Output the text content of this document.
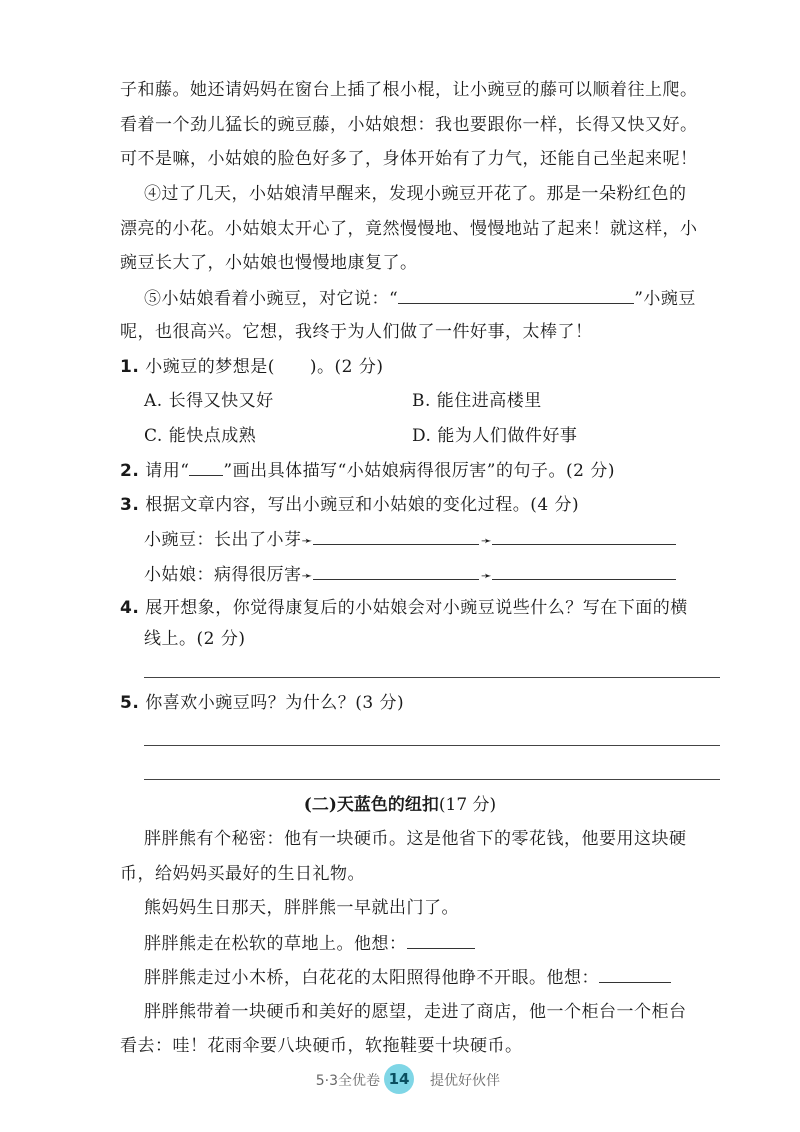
子和藤。她还请妈妈在窗台上插了根小棍，让小豌豆的藤可以顺着往上爬。
看着一个劲儿猛长的豌豆藤，小姑娘想：我也要跟你一样，长得又快又好。
可不是嘛，小姑娘的脸色好多了，身体开始有了力气，还能自己坐起来呢！
④过了几天，小姑娘清早醒来，发现小豌豆开花了。那是一朵粉红色的
漂亮的小花。小姑娘太开心了，竟然慢慢地、慢慢地站了起来！就这样，小
豌豆长大了，小姑娘也慢慢地康复了。
⑤小姑娘看着小豌豆，对它说：“	”小豌豆
呢，也很高兴。它想，我终于为人们做了一件好事，太棒了！
1. 小豌豆的梦想是(　　)。(2 分)
A. 长得又快又好	B. 能住进高楼里
C. 能快点成熟	D. 能为人们做件好事
2. 请用“ ”画出具体描写“小姑娘病得很厉害”的句子。(2 分)
3. 根据文章内容，写出小豌豆和小姑娘的变化过程。(4 分)
小豌豆：长出了小芽➛	➛
小姑娘：病得很厉害➛	➛
4. 展开想象，你觉得康复后的小姑娘会对小豌豆说些什么？写在下面的横
线上。(2 分)
5. 你喜欢小豌豆吗？为什么？(3 分)
(二)天蓝色的纽扣(17 分)
胖胖熊有个秘密：他有一块硬币。这是他省下的零花钱，他要用这块硬
币，给妈妈买最好的生日礼物。
熊妈妈生日那天，胖胖熊一早就出门了。
胖胖熊走在松软的草地上。他想：
胖胖熊走过小木桥，白花花的太阳照得他睁不开眼。他想：
胖胖熊带着一块硬币和美好的愿望，走进了商店，他一个柜台一个柜台
看去：哇！花雨伞要八块硬币，软拖鞋要十块硬币。
5·3全优卷 14	提优好伙伴
